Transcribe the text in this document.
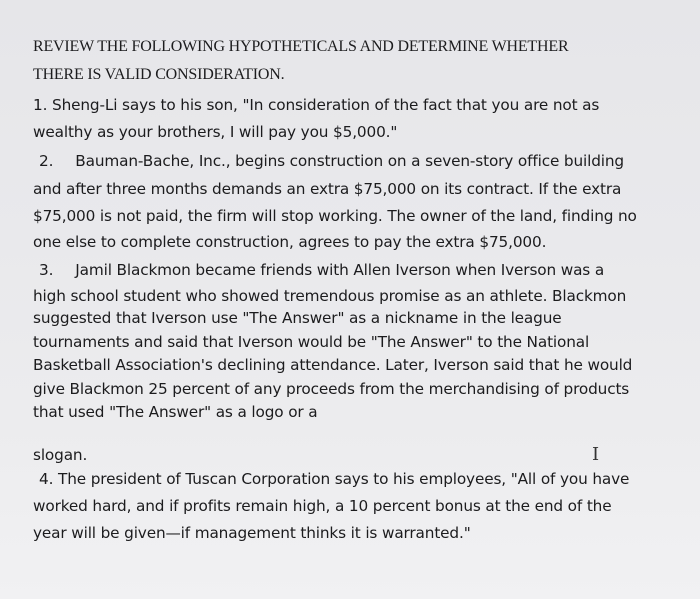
REVIEW THE FOLLOWING HYPOTHETICALS AND DETERMINE WHETHER
THERE IS VALID CONSIDERATION.
1. Sheng-Li says to his son, "In consideration of the fact that you are not as
wealthy as your brothers, I will pay you $5,000."
2. Bauman-Bache, Inc., begins construction on a seven-story office building
and after three months demands an extra $75,000 on its contract. If the extra
$75,000 is not paid, the firm will stop working. The owner of the land, finding no
one else to complete construction, agrees to pay the extra $75,000.
3. Jamil Blackmon became friends with Allen Iverson when Iverson was a
high school student who showed tremendous promise as an athlete. Blackmon
suggested that Iverson use "The Answer" as a nickname in the league
tournaments and said that Iverson would be "The Answer" to the National
Basketball Association's declining attendance. Later, Iverson said that he would
give Blackmon 25 percent of any proceeds from the merchandising of products
that used "The Answer" as a logo or a
slogan.	I
4. The president of Tuscan Corporation says to his employees, "All of you have
worked hard, and if profits remain high, a 10 percent bonus at the end of the
year will be given—if management thinks it is warranted."
